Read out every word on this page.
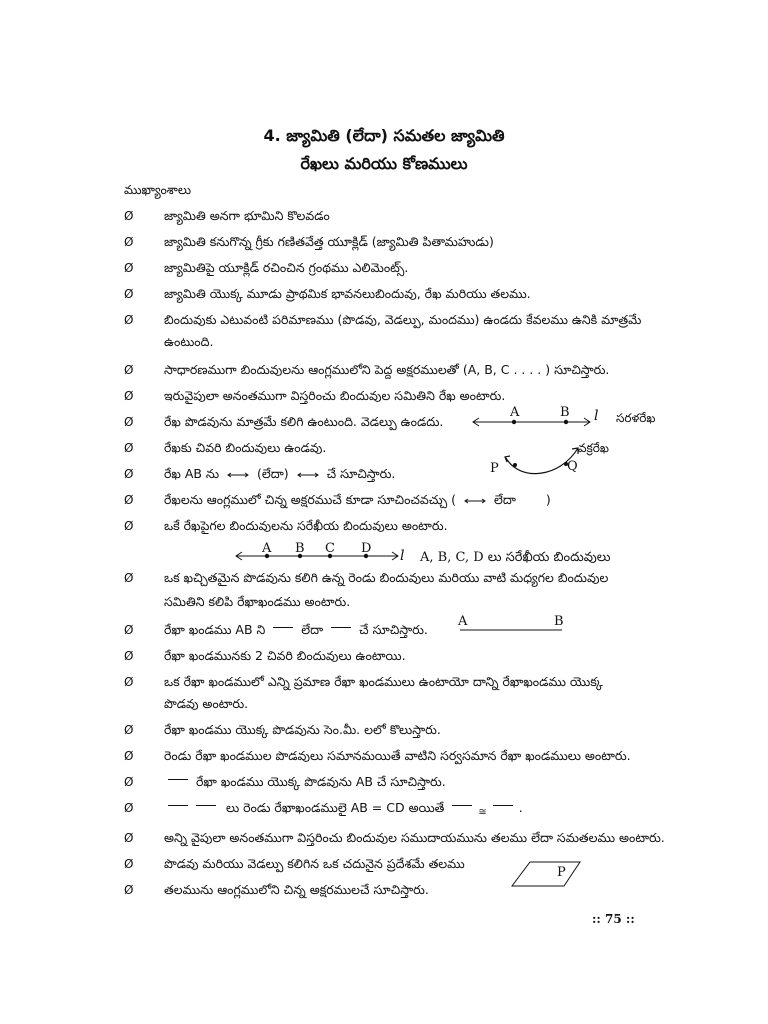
4. జ్యామితి (లేదా) సమతల జ్యామితి
రేఖలు మరియు కోణములు
ముఖ్యాంశాలు
Ø జ్యామితి అనగా భూమిని కొలవడం
Ø జ్యామితి కనుగొన్న గ్రీకు గణితవేత్త యూక్లిడ్ (జ్యామితి పితామహుడు)
Ø జ్యామితిపై యూక్లిడ్ రచించిన గ్రంథము ఎలిమెంట్స్.
Ø జ్యామితి యొక్క మూడు ప్రాథమిక భావనలుబిందువు, రేఖ మరియు తలము.
Ø బిందువుకు ఎటువంటి పరిమాణము (పొడవు, వెడల్పు, మందము) ఉండదు కేవలము ఉనికి మాత్రమే
ఉంటుంది.
Ø సాధారణముగా బిందువులను ఆంగ్లములోని పెద్ద అక్షరములతో (A, B, C . . . . ) సూచిస్తారు.
Ø ఇరువైపులా అనంతముగా విస్తరించు బిందువుల సమితిని రేఖ అంటారు.
Ø రేఖ పొడవును మాత్రమే కలిగి ఉంటుంది. వెడల్పు ఉండదు.
Ø రేఖకు చివరి బిందువులు ఉండవు.
Ø రేఖ AB ను	(లేదా)	చే సూచిస్తారు.
Ø రేఖలను ఆంగ్లములో చిన్న అక్షరముచే కూడా సూచించవచ్చు (	లేదా )
Ø ఒకే రేఖపైగల బిందువులను సరేఖీయ బిందువులు అంటారు.
A B C D l A, B, C, D లు సరేఖీయ బిందువులు
Ø ఒక ఖచ్చితమైన పొడవును కలిగి ఉన్న రెండు బిందువులు మరియు వాటి మధ్యగల బిందువుల
సమితిని కలిపి రేఖాఖండము అంటారు.
Ø రేఖా ఖండము AB ని	లేదా	చే సూచిస్తారు.
Ø రేఖా ఖండమునకు 2 చివరి బిందువులు ఉంటాయి.
Ø ఒక రేఖా ఖండములో ఎన్ని ప్రమాణ రేఖా ఖండములు ఉంటాయో దాన్ని రేఖాఖండము యొక్క
పొడవు అంటారు.
Ø రేఖా ఖండము యొక్క పొడవును సెం.మీ. లలో కొలుస్తారు.
Ø రెండు రేఖా ఖండముల పొడవులు సమానమయితే వాటిని సర్వసమాన రేఖా ఖండములు అంటారు.
Ø	రేఖా ఖండము యొక్క పొడవును AB చే సూచిస్తారు.
Ø	లు రెండు రేఖాఖండములై AB = CD అయితే	$_≅$	.
Ø అన్ని వైపులా అనంతముగా విస్తరించు బిందువుల సముదాయమును తలము లేదా సమతలము అంటారు.
Ø పొడవు మరియు వెడల్పు కలిగిన ఒక చదునైన ప్రదేశమే తలము
Ø తలమును ఆంగ్లములోని చిన్న అక్షరములచే సూచిస్తారు.
A	B l సరళరేఖ
P	Q
వక్రరేఖ
A	B
P
:: 75 ::
